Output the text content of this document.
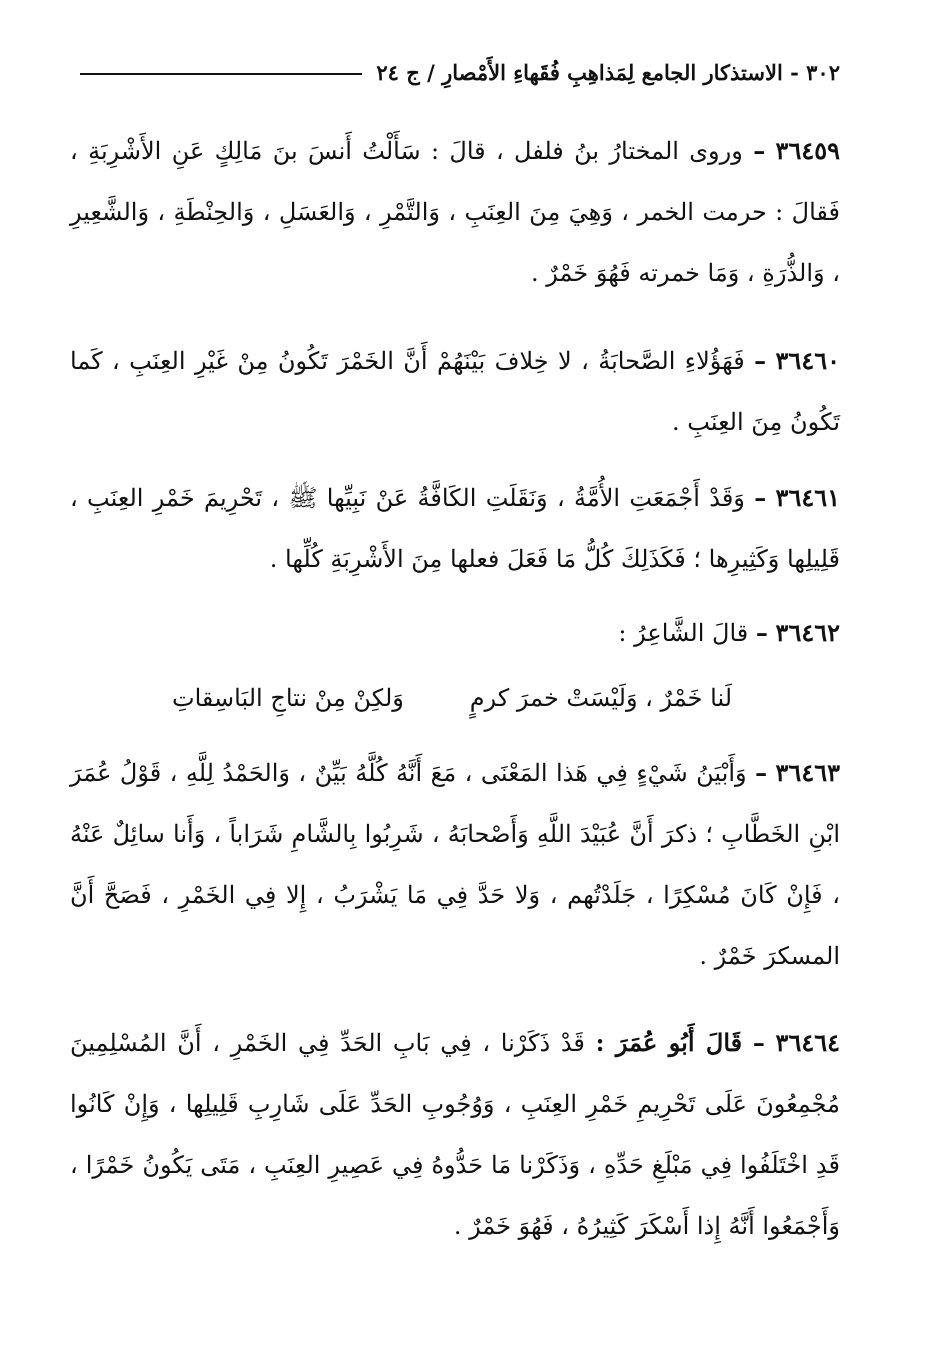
٣٠٢ - الاستذكار الجامع لِمَذاهِبِ فُقَهاءِ الأَمْصارِ / ج ٢٤
٣٦٤٥٩ – وروى المختارُ بنُ فلفل ، قالَ : سَأَلْتُ أَنسَ بنَ مَالِكٍ عَنِ الأَشْرِبَةِ ، فَقالَ : حرمت الخمر ، وَهِيَ مِنَ العِنَبِ ، وَالتَّمْرِ ، وَالعَسَلِ ، وَالحِنْطَةِ ، وَالشَّعِيرِ ، وَالذُّرَةِ ، وَمَا خمرته فَهُوَ خَمْرٌ .
٣٦٤٦٠ – فَهَؤُلاءِ الصَّحابَةُ ، لا خِلافَ بَيْنَهُمْ أَنَّ الخَمْرَ تَكُونُ مِنْ غَيْرِ العِنَبِ ، كَما تَكُونُ مِنَ العِنَبِ .
٣٦٤٦١ – وَقَدْ أَجْمَعَتِ الأُمَّةُ ، وَنَقَلَتِ الكَافَّةُ عَنْ نَبِيِّها ﷺ ، تَحْرِيمَ خَمْرِ العِنَبِ ، قَلِيلِها وَكَثِيرِها ؛ فَكَذَلِكَ كُلُّ مَا فَعَلَ فعلها مِنَ الأَشْرِبَةِ كُلِّها .
٣٦٤٦٢ – قالَ الشَّاعِرُ :
لَنا خَمْرٌ ، وَلَيْسَتْ خمرَ كرمٍ
وَلكِنْ مِنْ نتاجِ البَاسِقاتِ
٣٦٤٦٣ – وَأَبْيَنُ شَيْءٍ فِي هَذا المَعْنَى ، مَعَ أَنَّهُ كُلَّهُ بَيِّنٌ ، وَالحَمْدُ لِلَّهِ ، قَوْلُ عُمَرَ ابْنِ الخَطَّابِ ؛ ذكرَ أَنَّ عُبَيْدَ اللَّهِ وَأَصْحابَهُ ، شَرِبُوا بِالشَّامِ شَرَاباً ، وَأَنا سائِلٌ عَنْهُ ، فَإِنْ كَانَ مُسْكِرًا ، جَلَدْتُهم ، وَلا حَدَّ فِي مَا يَشْرَبُ ، إِلا فِي الخَمْرِ ، فَصَحَّ أَنَّ المسكرَ خَمْرٌ .
٣٦٤٦٤ – قَالَ أَبُو عُمَرَ : قَدْ ذَكَرْنا ، فِي بَابِ الحَدِّ فِي الخَمْرِ ، أَنَّ المُسْلِمِينَ مُجْمِعُونَ عَلَى تَحْرِيمِ خَمْرِ العِنَبِ ، وَوُجُوبِ الحَدِّ عَلَى شَارِبِ قَلِيلِها ، وَإِنْ كَانُوا قَدِ اخْتَلَفُوا فِي مَبْلَغِ حَدِّهِ ، وَذَكَرْنا مَا حَدُّوهُ فِي عَصِيرِ العِنَبِ ، مَتَى يَكُونُ خَمْرًا ، وَأَجْمَعُوا أَنَّهُ إِذا أَسْكَرَ كَثِيرُهُ ، فَهُوَ خَمْرٌ .
